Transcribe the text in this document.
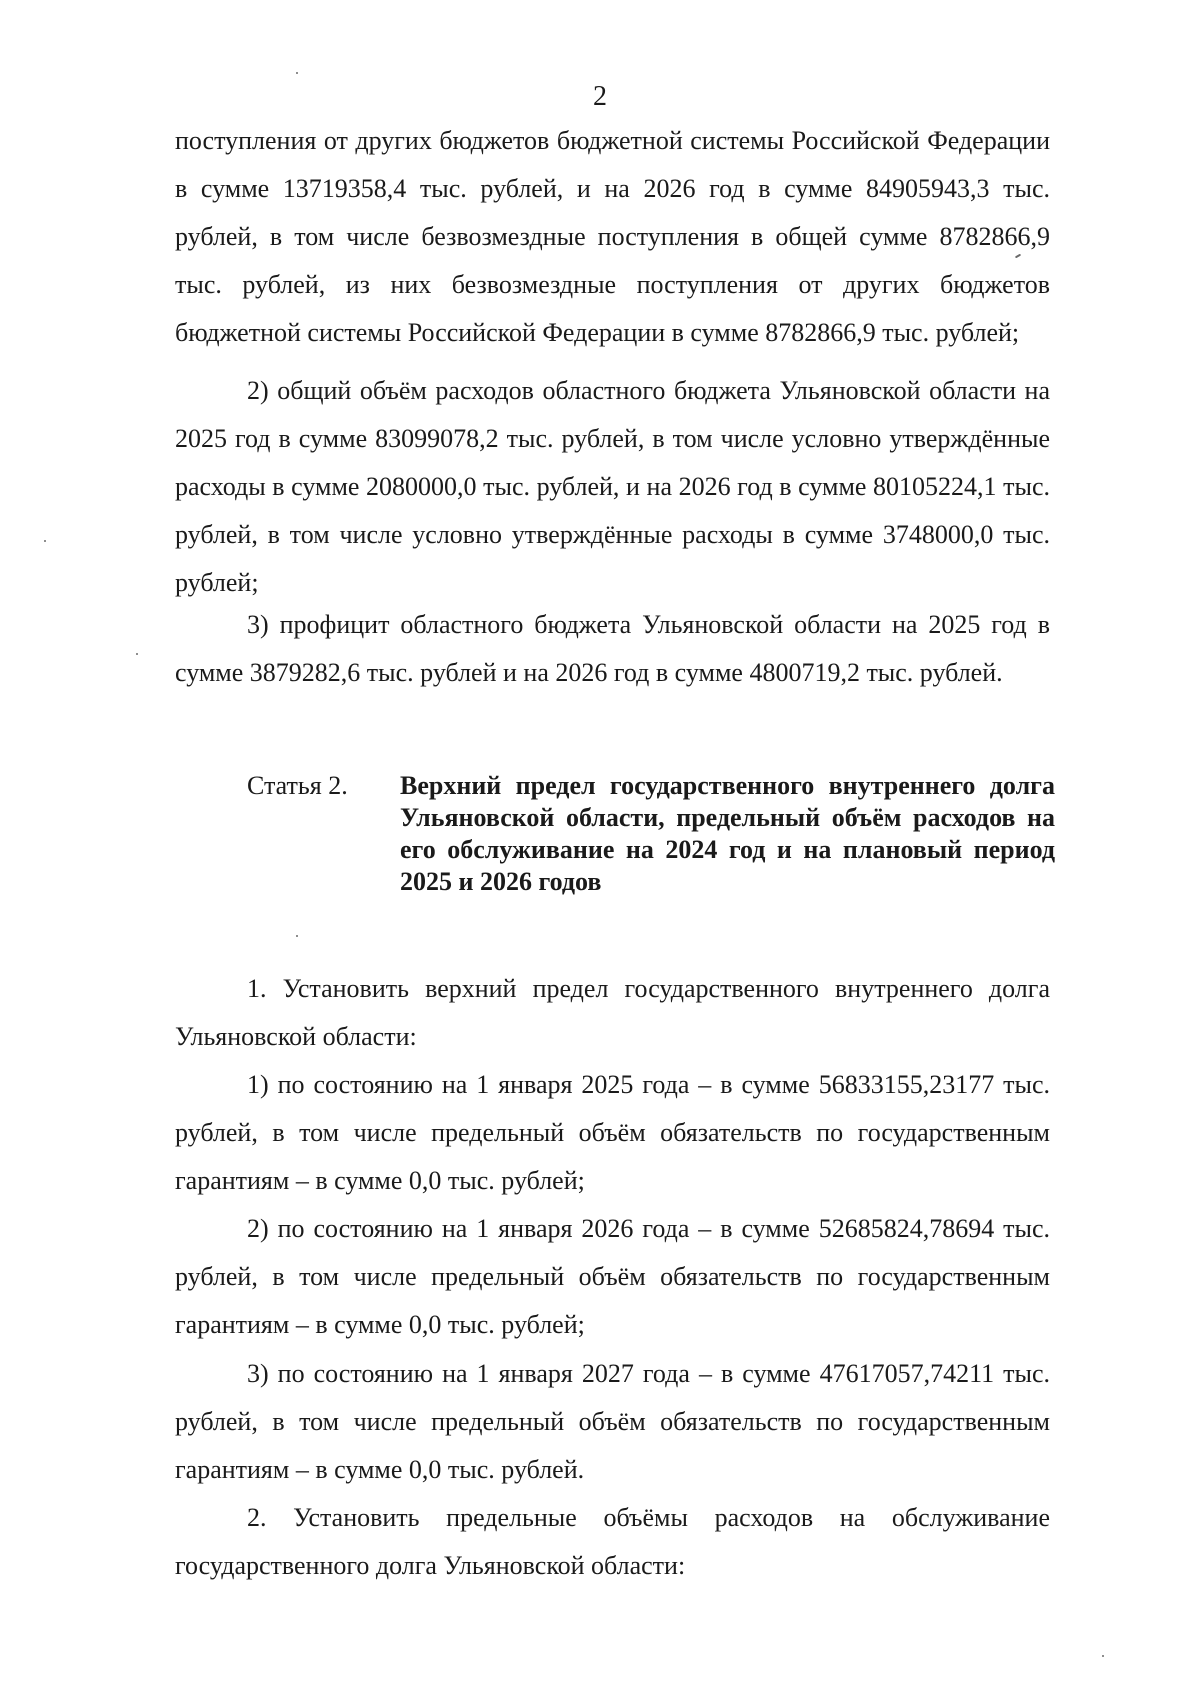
2

поступления от других бюджетов бюджетной системы Российской Федерации в сумме 13719358,4 тыс. рублей, и на 2026 год в сумме 84905943,3 тыс. рублей, в том числе безвозмездные поступления в общей сумме 8782866,9 тыс. рублей, из них безвозмездные поступления от других бюджетов бюджетной системы Российской Федерации в сумме 8782866,9 тыс. рублей;

2) общий объём расходов областного бюджета Ульяновской области на 2025 год в сумме 83099078,2 тыс. рублей, в том числе условно утверждённые расходы в сумме 2080000,0 тыс. рублей, и на 2026 год в сумме 80105224,1 тыс. рублей, в том числе условно утверждённые расходы в сумме 3748000,0 тыс. рублей;

3) профицит областного бюджета Ульяновской области на 2025 год в сумме 3879282,6 тыс. рублей и на 2026 год в сумме 4800719,2 тыс. рублей.

Статья 2. Верхний предел государственного внутреннего долга Ульяновской области, предельный объём расходов на его обслуживание на 2024 год и на плановый период 2025 и 2026 годов

1. Установить верхний предел государственного внутреннего долга Ульяновской области:

1) по состоянию на 1 января 2025 года – в сумме 56833155,23177 тыс. рублей, в том числе предельный объём обязательств по государственным гарантиям – в сумме 0,0 тыс. рублей;

2) по состоянию на 1 января 2026 года – в сумме 52685824,78694 тыс. рублей, в том числе предельный объём обязательств по государственным гарантиям – в сумме 0,0 тыс. рублей;

3) по состоянию на 1 января 2027 года – в сумме 47617057,74211 тыс. рублей, в том числе предельный объём обязательств по государственным гарантиям – в сумме 0,0 тыс. рублей.

2. Установить предельные объёмы расходов на обслуживание государственного долга Ульяновской области:
